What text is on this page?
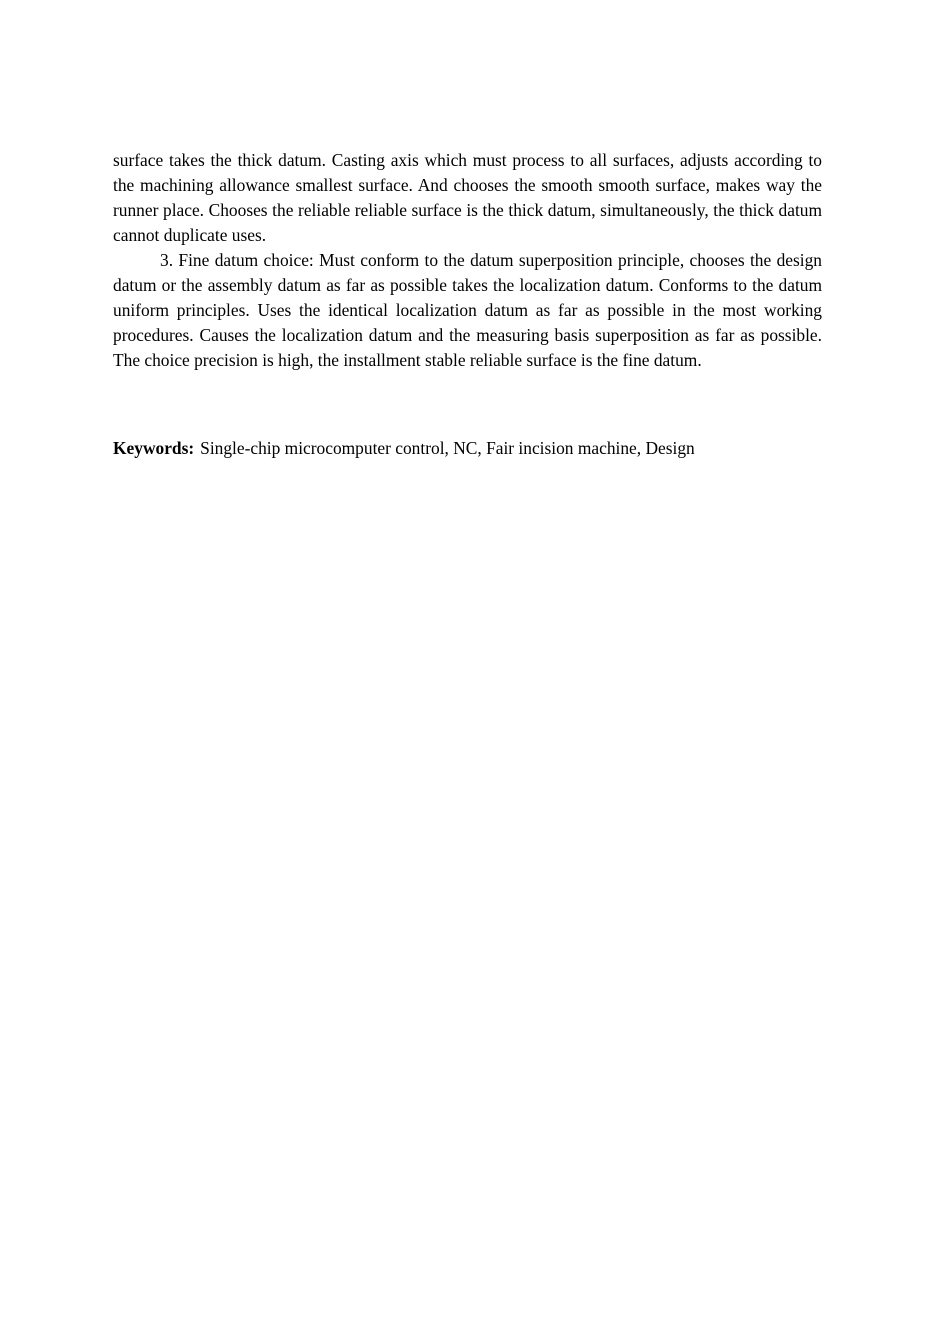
surface takes the thick datum. Casting axis which must process to all surfaces, adjusts according to the machining allowance smallest surface. And chooses the smooth smooth surface, makes way the runner place. Chooses the reliable reliable surface is the thick datum, simultaneously, the thick datum cannot duplicate uses.

3. Fine datum choice: Must conform to the datum superposition principle, chooses the design datum or the assembly datum as far as possible takes the localization datum. Conforms to the datum uniform principles. Uses the identical localization datum as far as possible in the most working procedures. Causes the localization datum and the measuring basis superposition as far as possible. The choice precision is high, the installment stable reliable surface is the fine datum.

Keywords: Single-chip microcomputer control, NC, Fair incision machine, Design
